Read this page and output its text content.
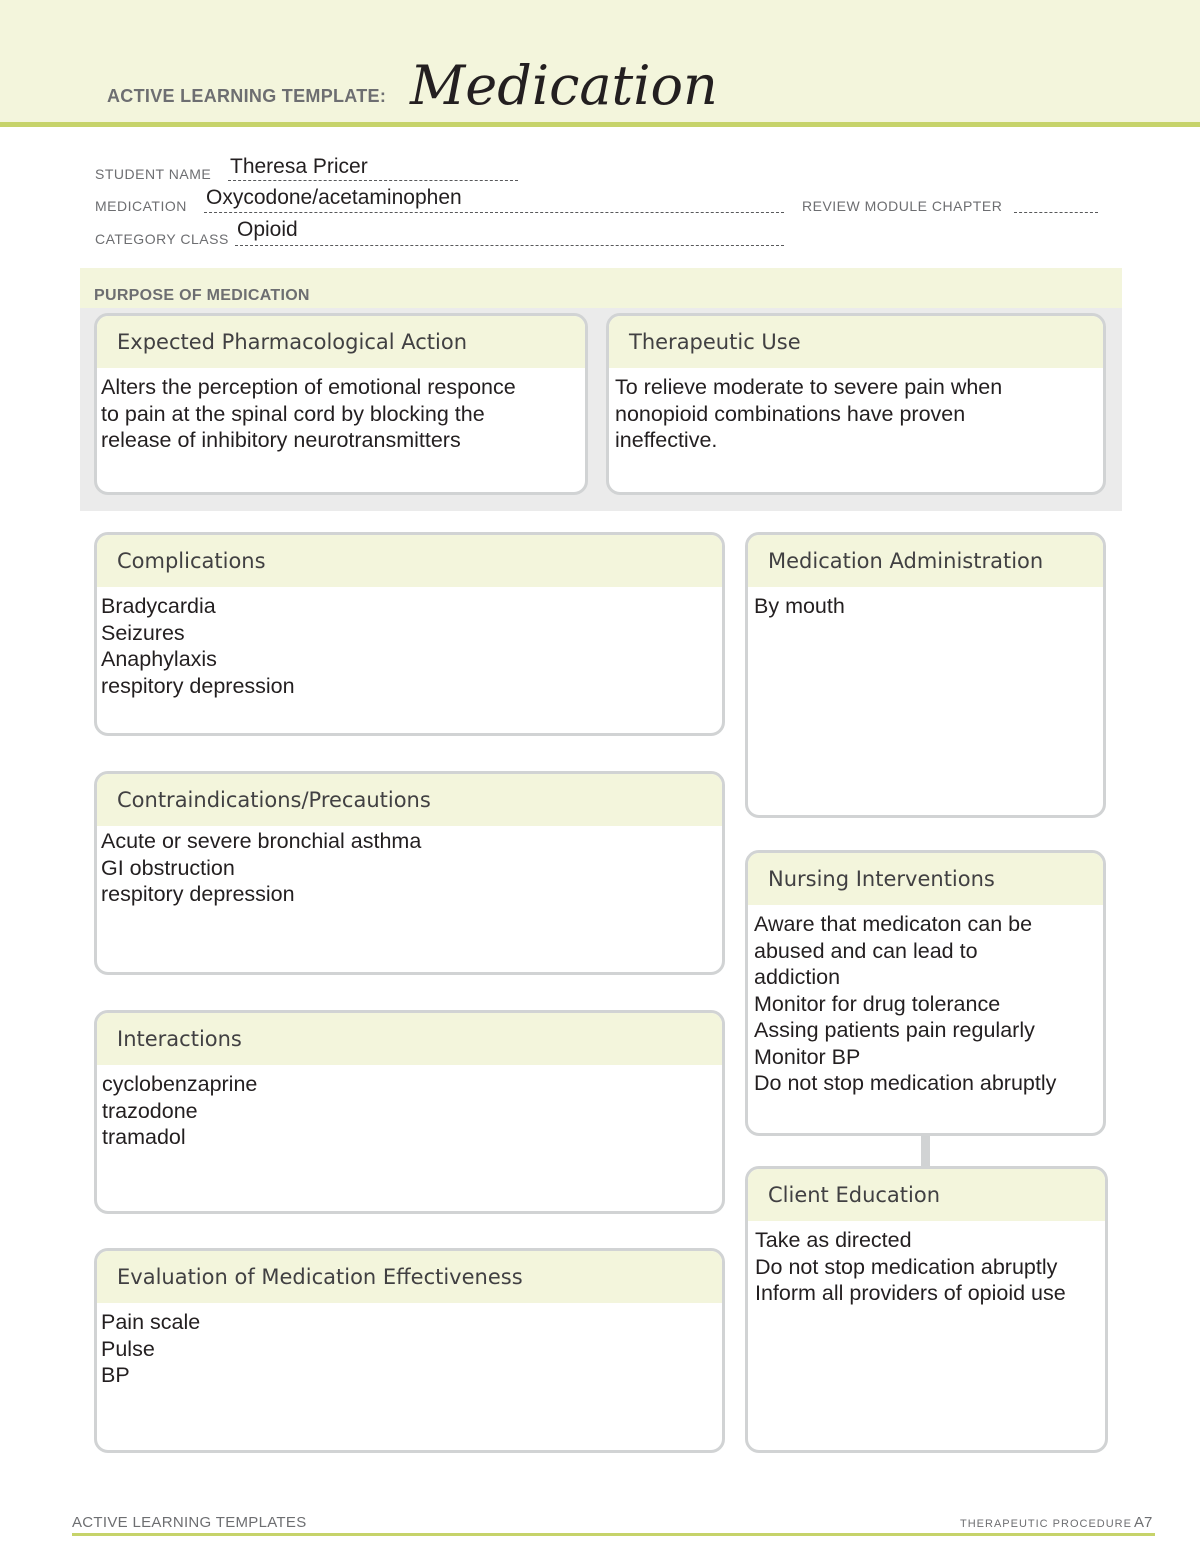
ACTIVE LEARNING TEMPLATE: Medication
STUDENT NAME Theresa Pricer
MEDICATION Oxycodone/acetaminophen	REVIEW MODULE CHAPTER
CATEGORY CLASS Opioid
PURPOSE OF MEDICATION
Expected Pharmacological Action
Alters the perception of emotional responce
to pain at the spinal cord by blocking the
release of inhibitory neurotransmitters
Therapeutic Use
To relieve moderate to severe pain when
nonopioid combinations have proven
ineffective.
Complications
Bradycardia
Seizures
Anaphylaxis
respitory depression
Contraindications/Precautions
Acute or severe bronchial asthma
GI obstruction
respitory depression
Interactions
cyclobenzaprine
trazodone
tramadol
Evaluation of Medication Effectiveness
Pain scale
Pulse
BP
Medication Administration
By mouth
Nursing Interventions
Aware that medicaton can be
abused and can lead to
addiction
Monitor for drug tolerance
Assing patients pain regularly
Monitor BP
Do not stop medication abruptly
Client Education
Take as directed
Do not stop medication abruptly
Inform all providers of opioid use
ACTIVE LEARNING TEMPLATES	THERAPEUTIC PROCEDURE A7
